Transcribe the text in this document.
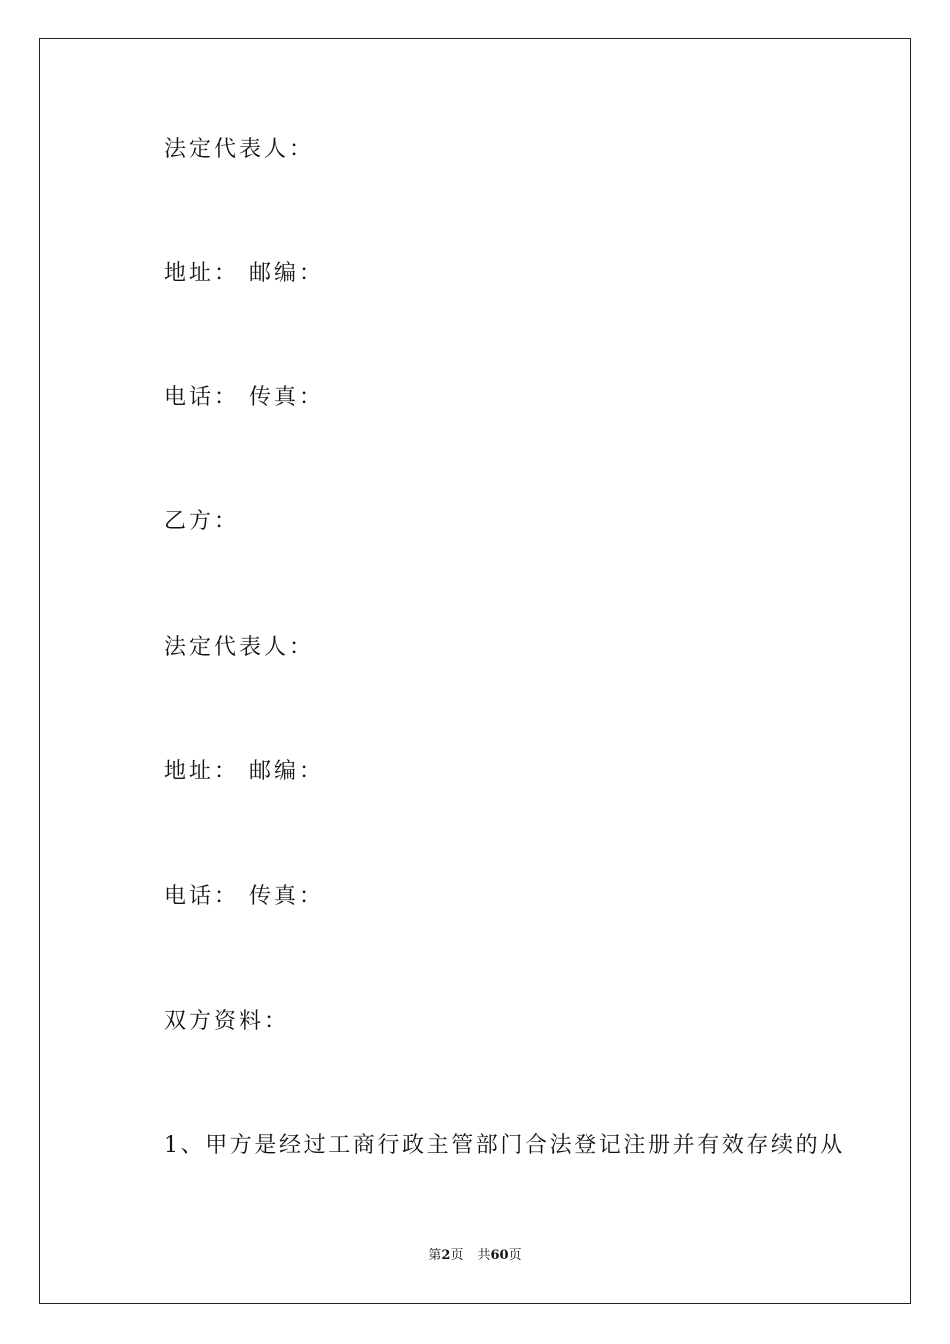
法定代表人：
地址： 邮编：
电话： 传真：
乙方：
法定代表人：
地址： 邮编：
电话： 传真：
双方资料：
1、甲方是经过工商行政主管部门合法登记注册并有效存续的从
第2页 共60页
